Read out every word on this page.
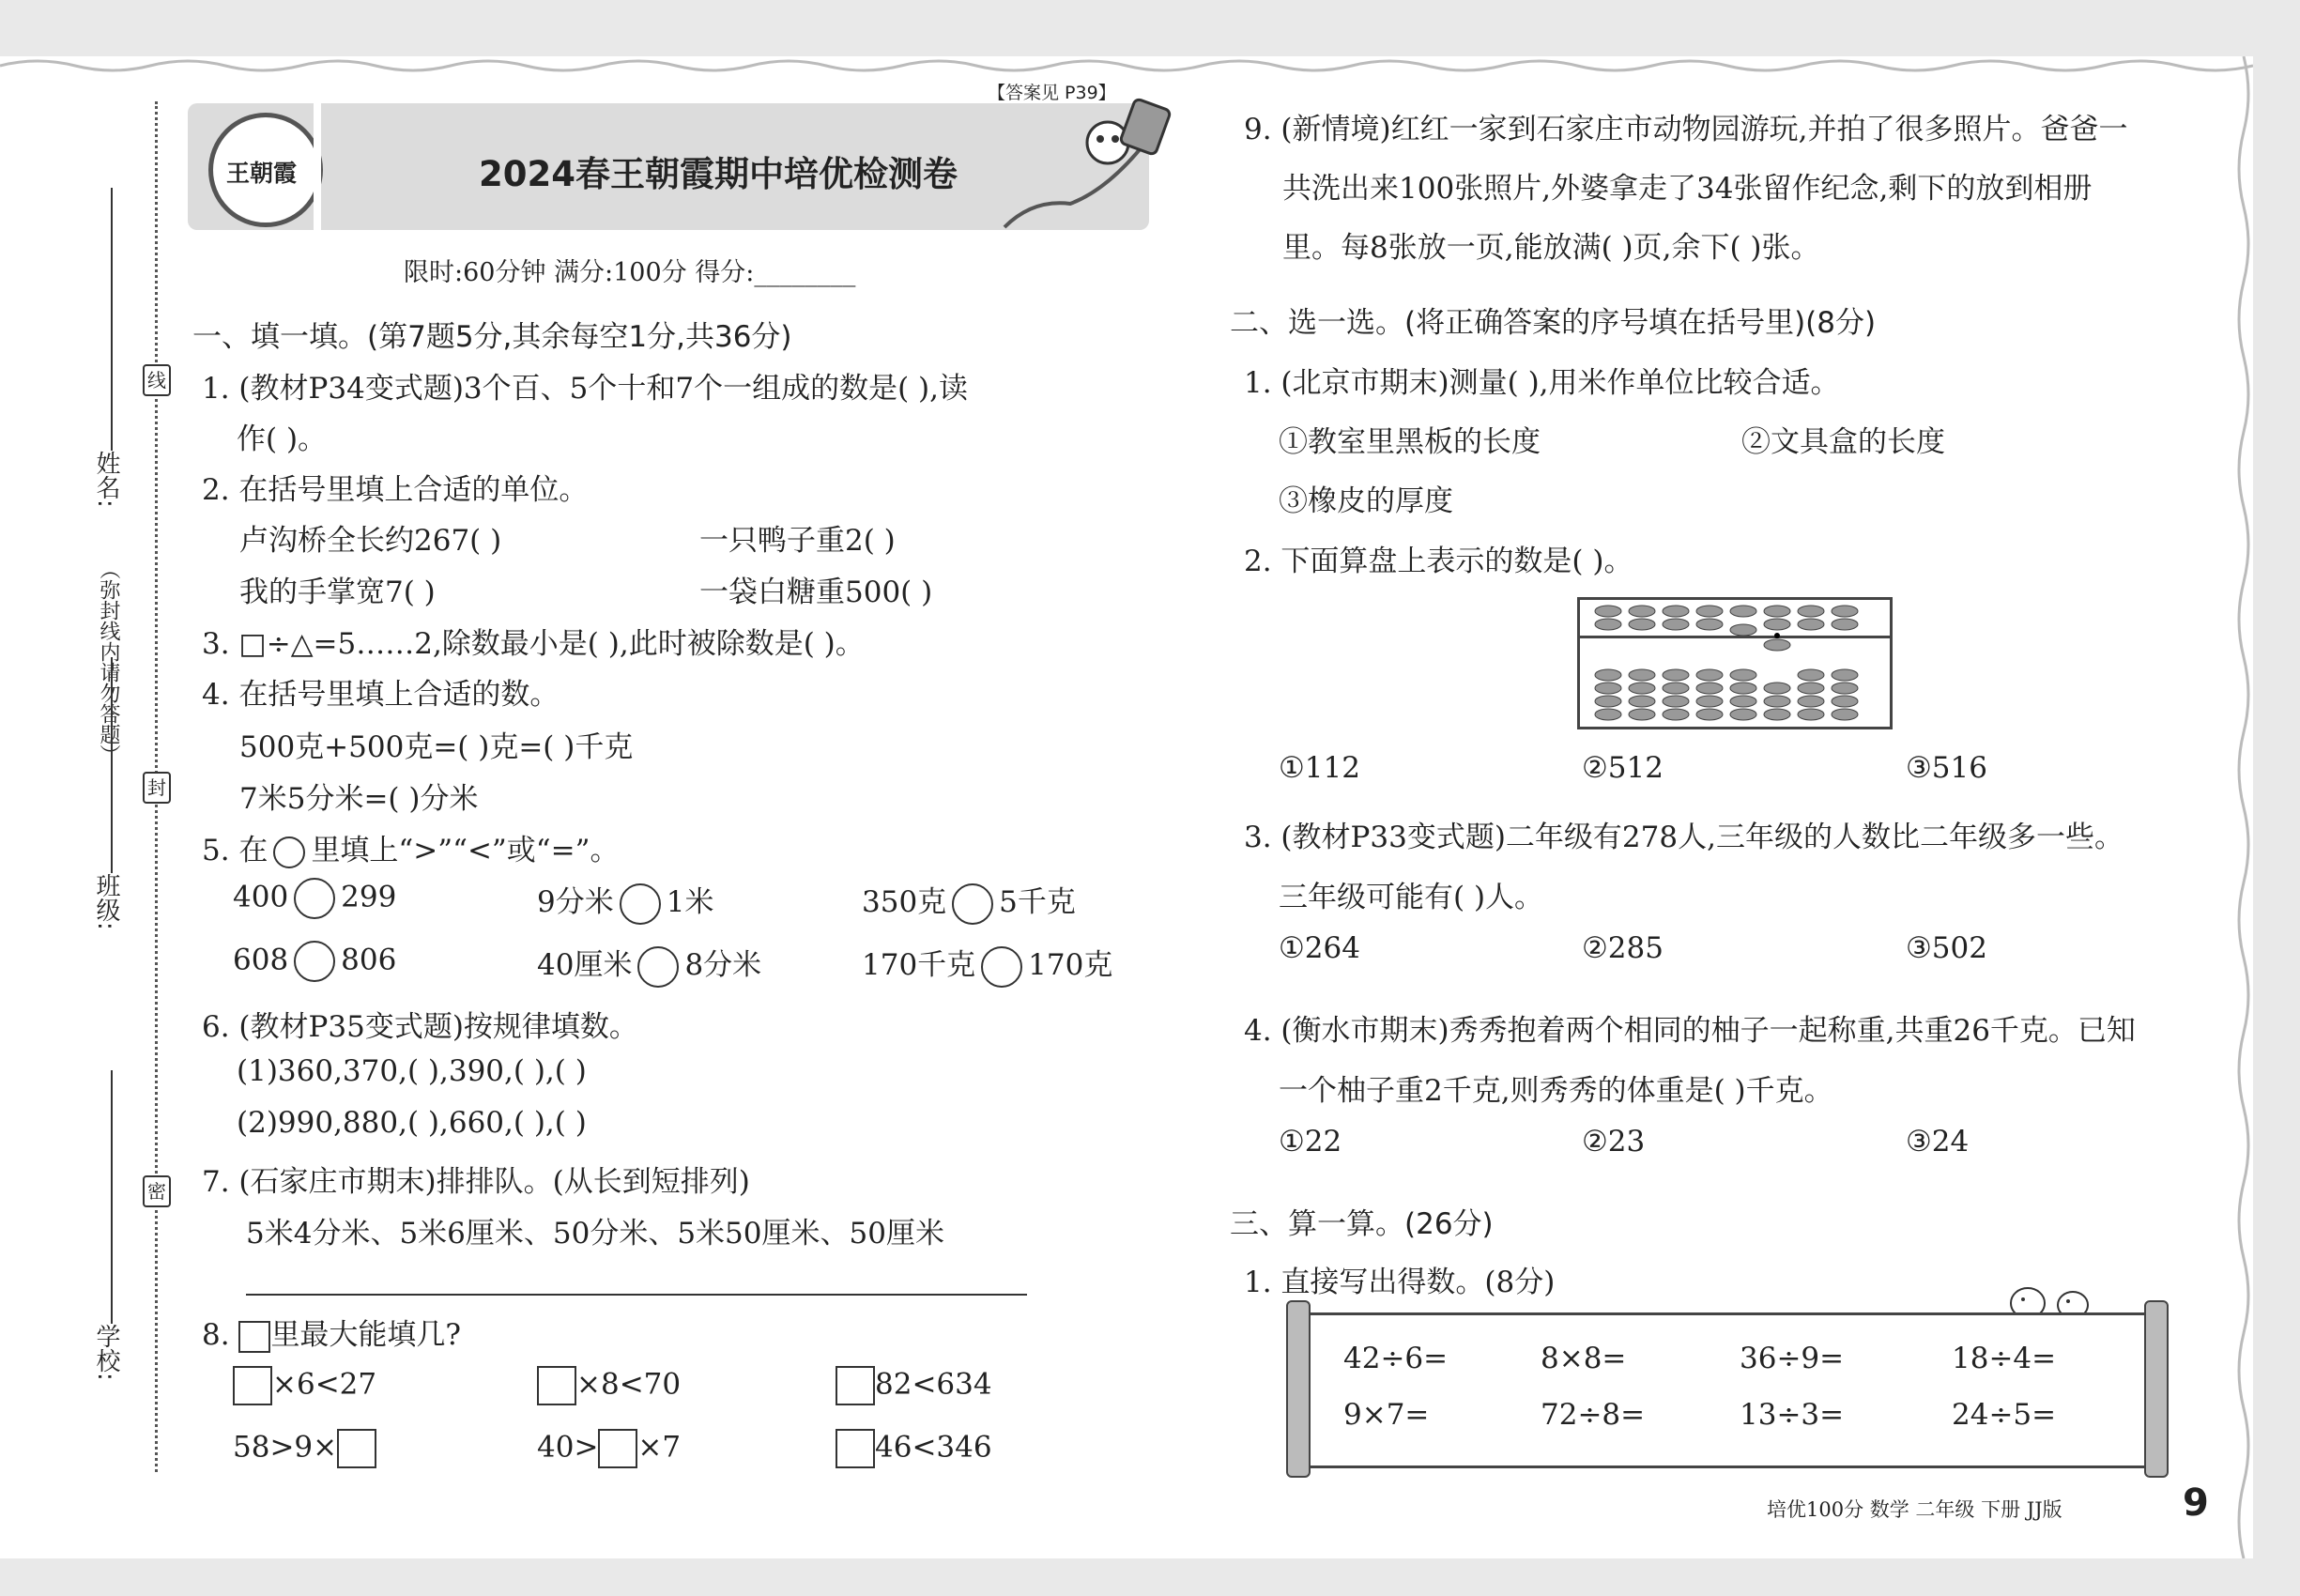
线
封
密
（弥封线内请勿答题）
姓名:
班级:
学校:
【答案见 P39】
王朝霞	2024春王朝霞期中培优检测卷
限时:60分钟 满分:100分 得分:________
一、填一填。(第7题5分,其余每空1分,共36分)
1. (教材P34变式题)3个百、5个十和7个一组成的数是( ),读
作( )。
2. 在括号里填上合适的单位。
卢沟桥全长约267( )	一只鸭子重2( )
我的手掌宽7( )	一袋白糖重500( )
3. □÷△=5……2,除数最小是( ),此时被除数是( )。
4. 在括号里填上合适的数。
500克+500克=( )克=( )千克
7米5分米=( )分米
5. 在 里填上“>”“<”或“=”。
400 299	9分米 1米	350克 5千克
608 806	40厘米 8分米	170千克 170克
6. (教材P35变式题)按规律填数。
(1)360,370,( ),390,( ),( )
(2)990,880,( ),660,( ),( )
7. (石家庄市期末)排排队。(从长到短排列)
5米4分米、5米6厘米、50分米、5米50厘米、50厘米
8. 里最大能填几?
×6<27	×8<70	82<634
58>9×	40> ×7	46<346
9. (新情境)红红一家到石家庄市动物园游玩,并拍了很多照片。爸爸一
共洗出来100张照片,外婆拿走了34张留作纪念,剩下的放到相册
里。每8张放一页,能放满( )页,余下( )张。
二、选一选。(将正确答案的序号填在括号里)(8分)
1. (北京市期末)测量( ),用米作单位比较合适。
①教室里黑板的长度	②文具盒的长度
③橡皮的厚度
2. 下面算盘上表示的数是( )。
①112	②512	③516
3. (教材P33变式题)二年级有278人,三年级的人数比二年级多一些。
三年级可能有( )人。
①264	②285	③502
4. (衡水市期末)秀秀抱着两个相同的柚子一起称重,共重26千克。已知
一个柚子重2千克,则秀秀的体重是( )千克。
①22	②23	③24
三、算一算。(26分)
1. 直接写出得数。(8分)
42÷6=	8×8=	36÷9=	18÷4=
9×7=	72÷8=	13÷3=	24÷5=
培优100分 数学 二年级 下册 JJ版	9
